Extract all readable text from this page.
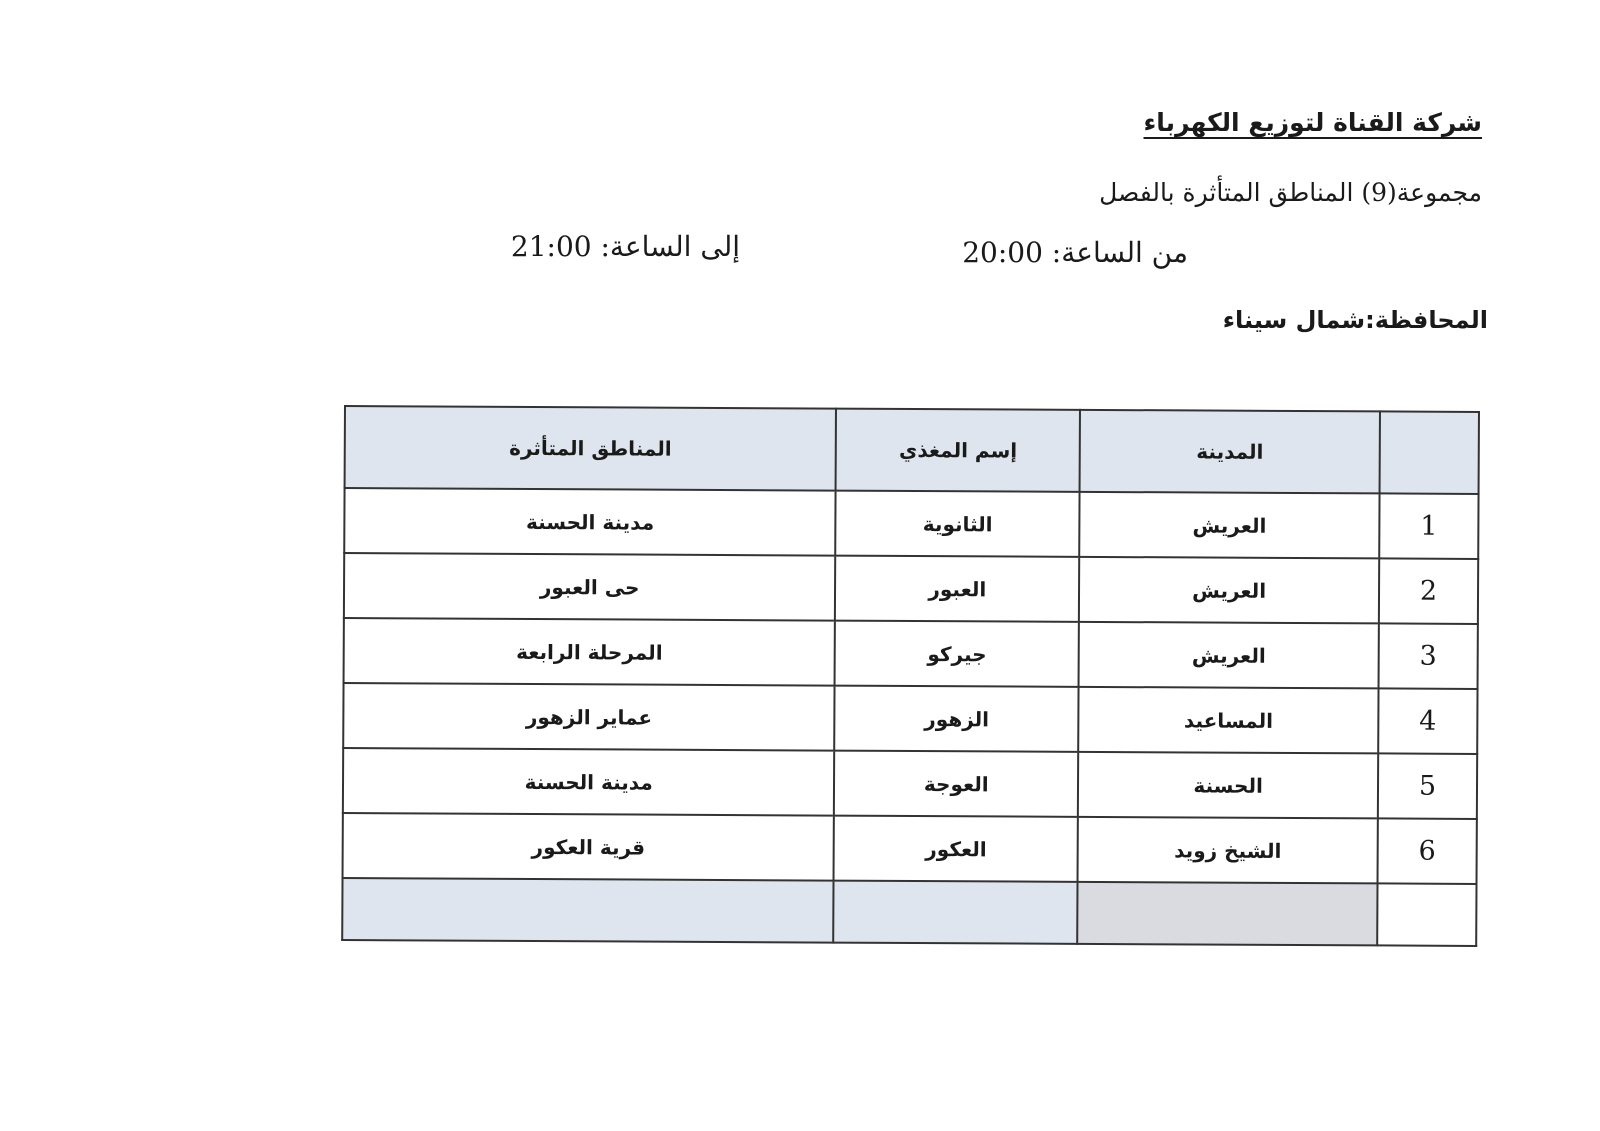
شركة القناة لتوزيع الكهرباء
مجموعة(9) المناطق المتأثرة بالفصل
من الساعة: 20:00
إلى الساعة: 21:00
المحافظة:شمال سيناء
	المدينة	إسم المغذي	المناطق المتأثرة
1	العريش	الثانوية	مدينة الحسنة
2	العريش	العبور	حى العبور
3	العريش	جيركو	المرحلة الرابعة
4	المساعيد	الزهور	عماير الزهور
5	الحسنة	العوجة	مدينة الحسنة
6	الشيخ زويد	العكور	قرية العكور
